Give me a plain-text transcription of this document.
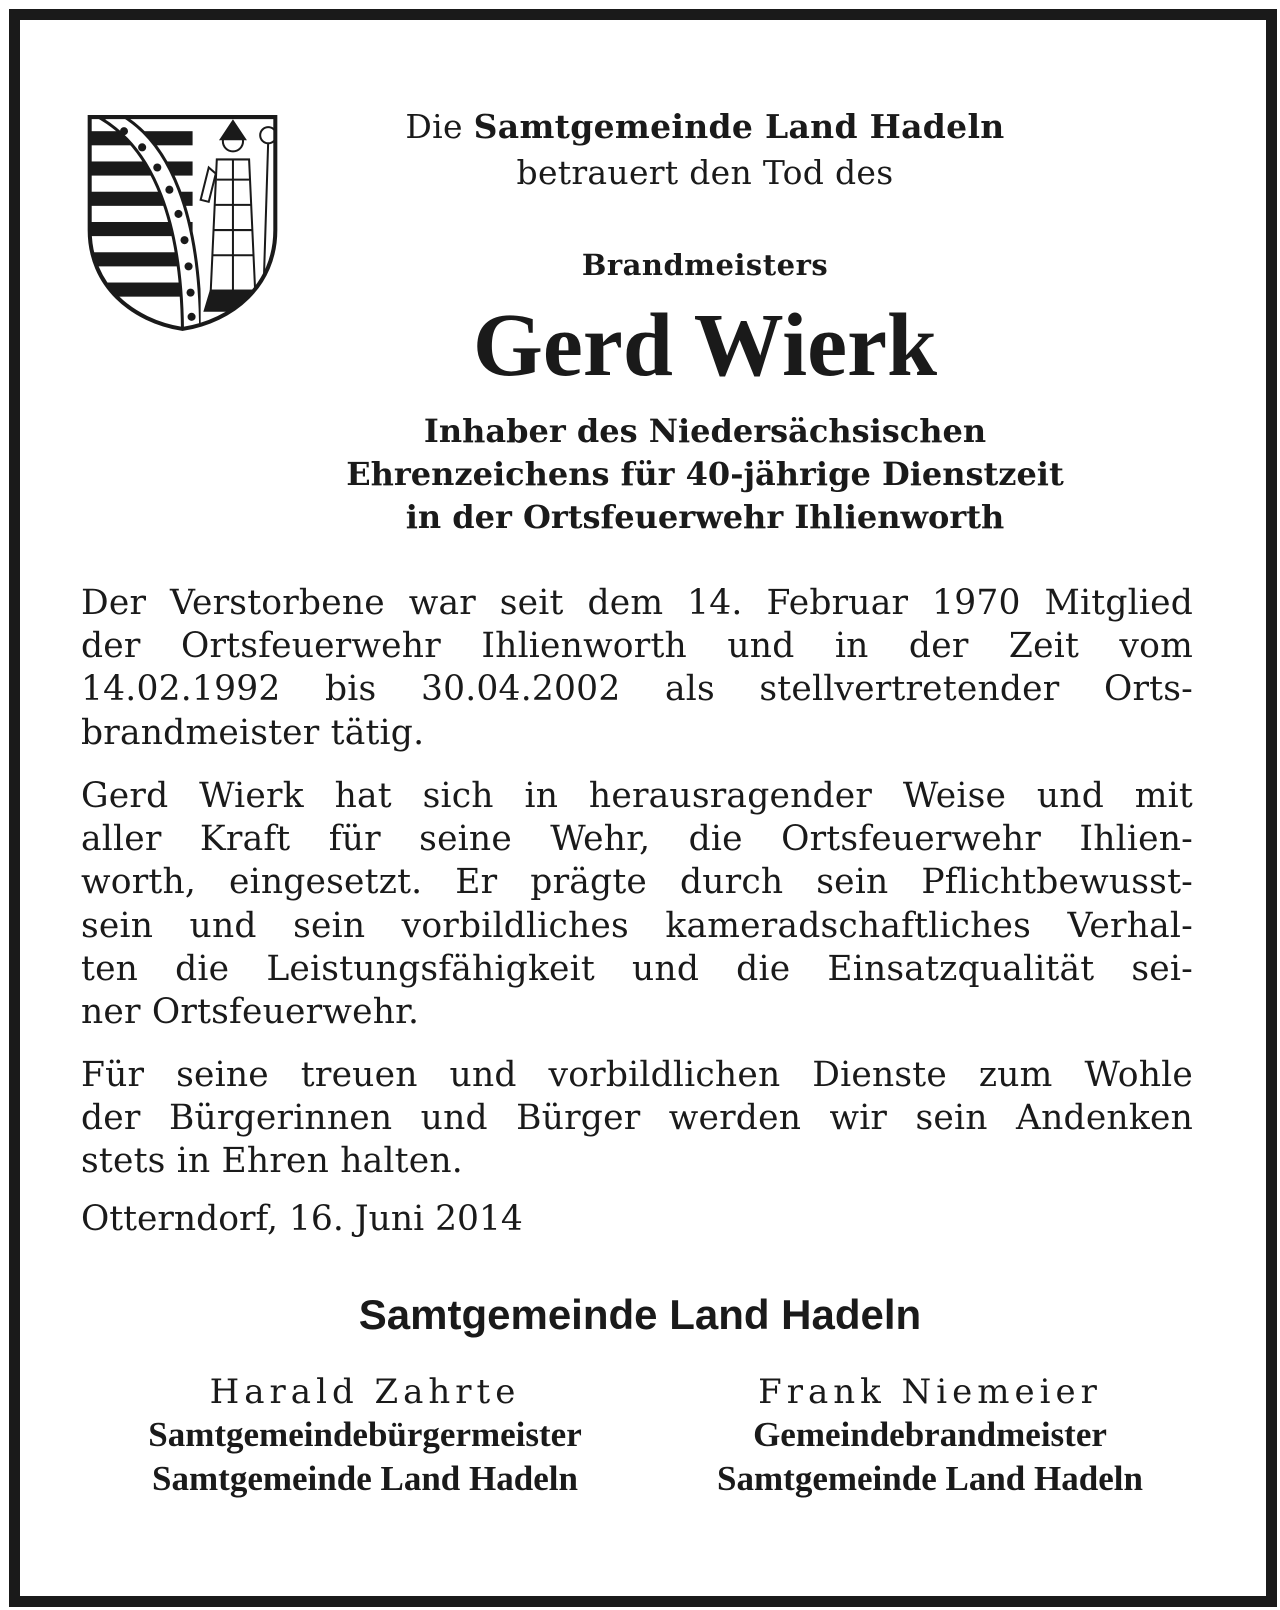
Die Samtgemeinde Land Hadeln
betrauert den Tod des
Brandmeisters
Gerd Wierk
Inhaber des Niedersächsischen
Ehrenzeichens für 40-jährige Dienstzeit
in der Ortsfeuerwehr Ihlienworth
Der Verstorbene war seit dem 14. Februar 1970 Mitglied
der Ortsfeuerwehr Ihlienworth und in der Zeit vom
14.02.1992 bis 30.04.2002 als stellvertretender Orts-
brandmeister tätig.
Gerd Wierk hat sich in herausragender Weise und mit
aller Kraft für seine Wehr, die Ortsfeuerwehr Ihlien-
worth, eingesetzt. Er prägte durch sein Pflichtbewusst-
sein und sein vorbildliches kameradschaftliches Verhal-
ten die Leistungsfähigkeit und die Einsatzqualität sei-
ner Ortsfeuerwehr.
Für seine treuen und vorbildlichen Dienste zum Wohle
der Bürgerinnen und Bürger werden wir sein Andenken
stets in Ehren halten.
Otterndorf, 16. Juni 2014
Samtgemeinde Land Hadeln
Harald Zahrte
Samtgemeindebürgermeister
Samtgemeinde Land Hadeln
Frank Niemeier
Gemeindebrandmeister
Samtgemeinde Land Hadeln
